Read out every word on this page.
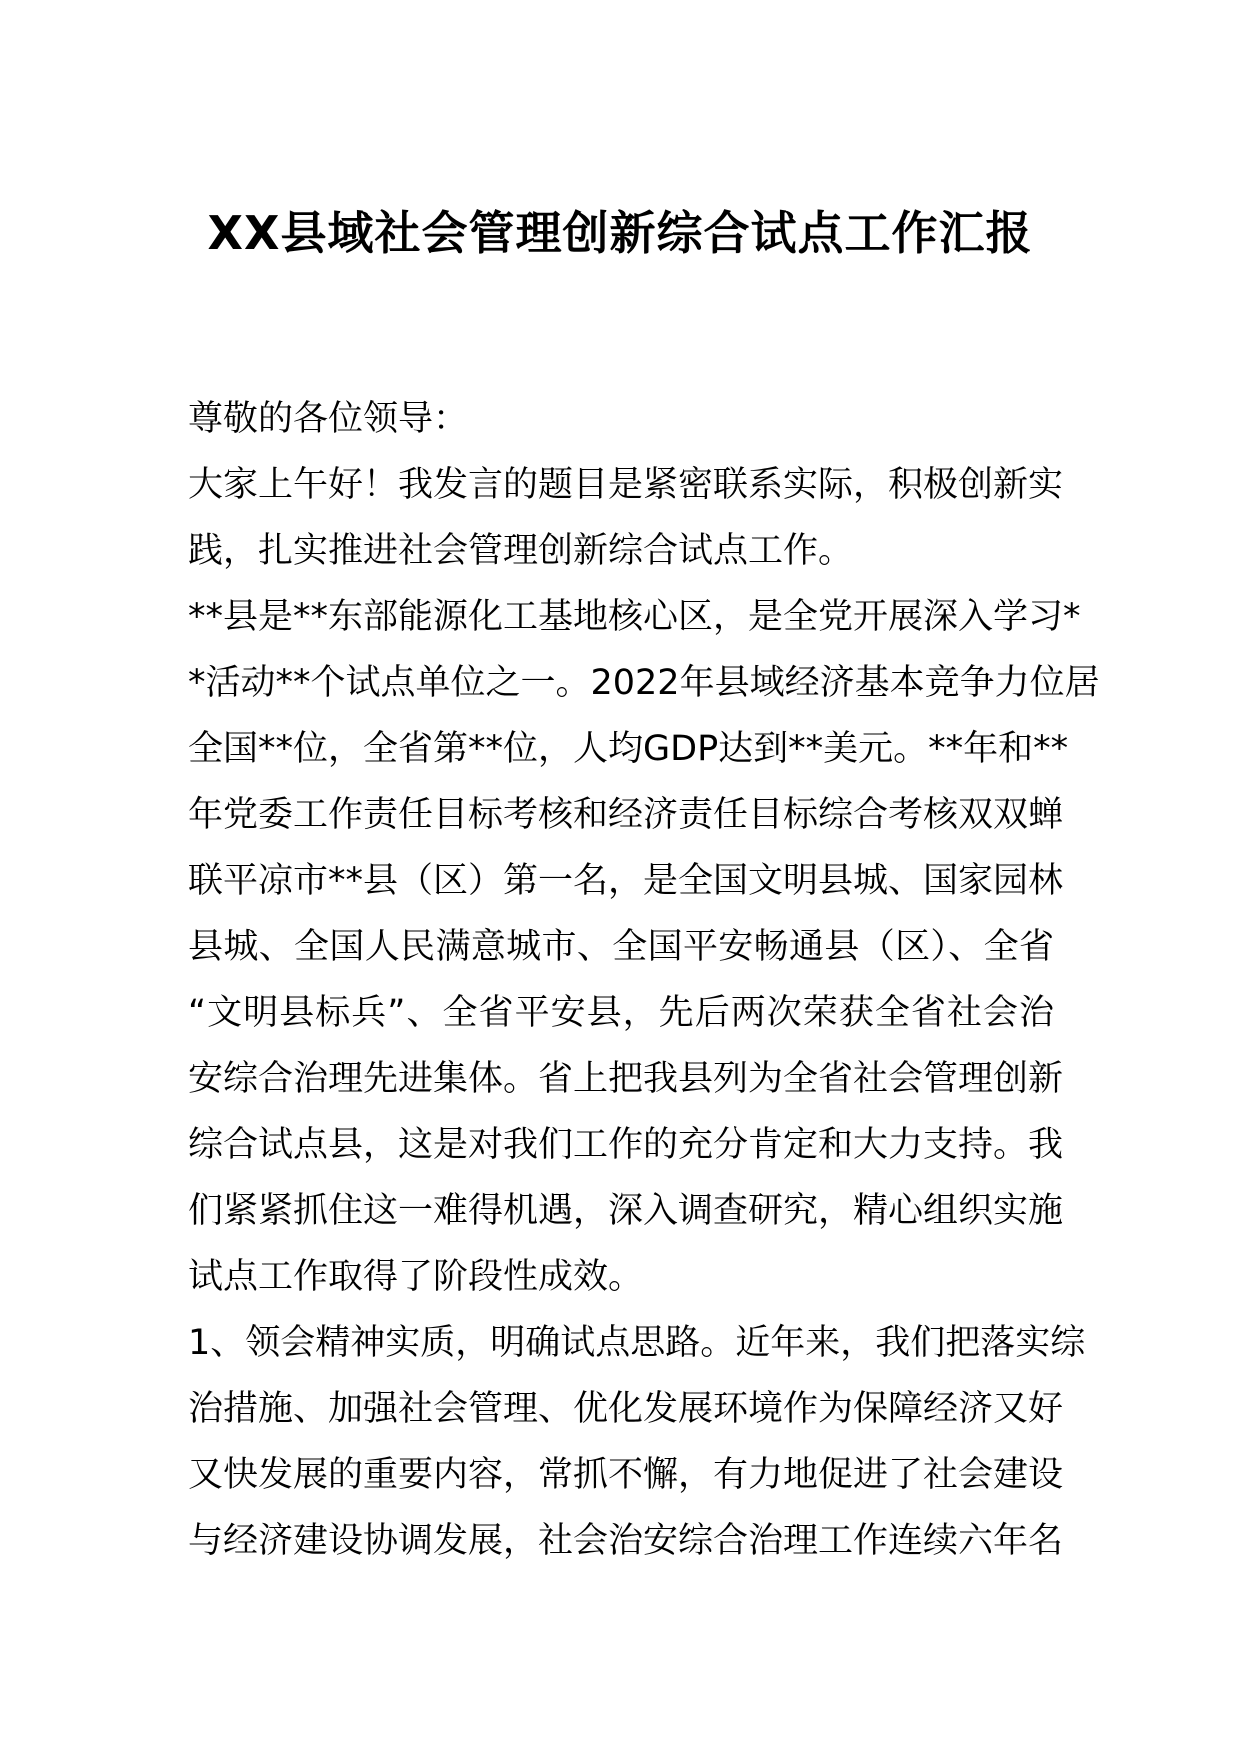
XX县域社会管理创新综合试点工作汇报
尊敬的各位领导：
大家上午好！我发言的题目是紧密联系实际，积极创新实
践，扎实推进社会管理创新综合试点工作。
**县是**东部能源化工基地核心区，是全党开展深入学习*
*活动**个试点单位之一。2022年县域经济基本竞争力位居
全国**位，全省第**位，人均GDP达到**美元。**年和**
年党委工作责任目标考核和经济责任目标综合考核双双蝉
联平凉市**县（区）第一名，是全国文明县城、国家园林
县城、全国人民满意城市、全国平安畅通县（区）、全省
“文明县标兵”、全省平安县，先后两次荣获全省社会治
安综合治理先进集体。省上把我县列为全省社会管理创新
综合试点县，这是对我们工作的充分肯定和大力支持。我
们紧紧抓住这一难得机遇，深入调查研究，精心组织实施
试点工作取得了阶段性成效。
1、领会精神实质，明确试点思路。近年来，我们把落实综
治措施、加强社会管理、优化发展环境作为保障经济又好
又快发展的重要内容，常抓不懈，有力地促进了社会建设
与经济建设协调发展，社会治安综合治理工作连续六年名
